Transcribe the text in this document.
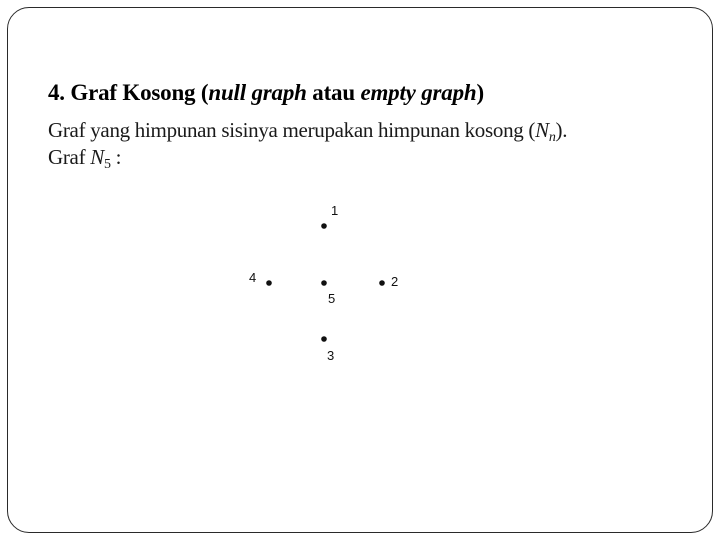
4. Graf Kosong (null graph atau empty graph)

Graf yang himpunan sisinya merupakan himpunan kosong $(N_n)$.

Graf N5 :

1
4
5
2
3
